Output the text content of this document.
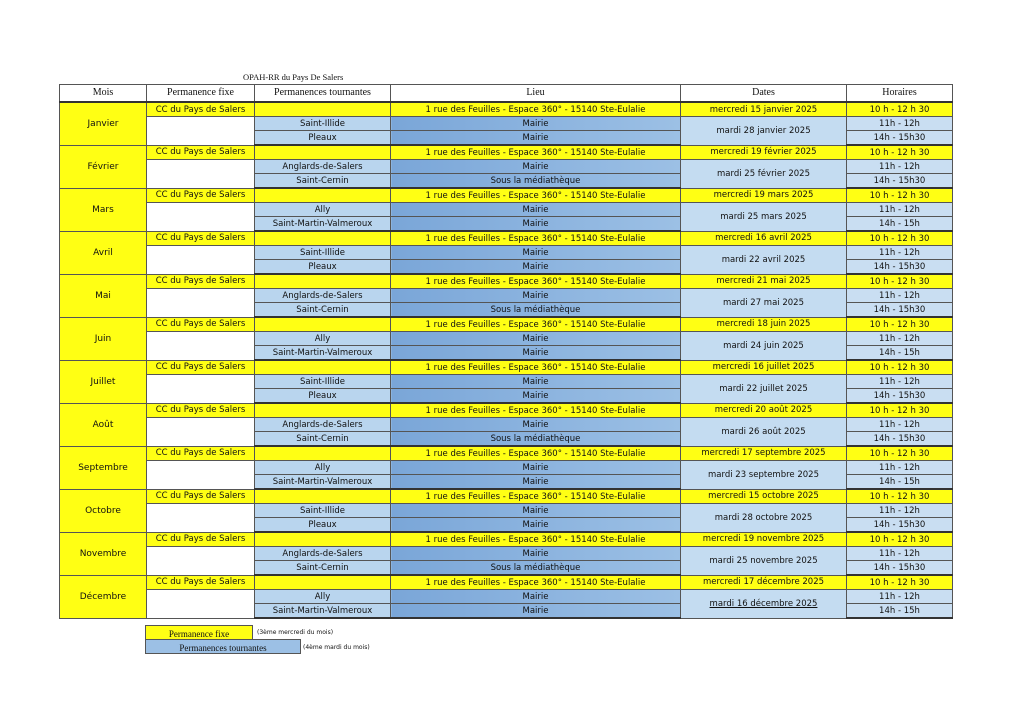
OPAH-RR du Pays De Salers
Mois	Permanence fixe	Permanences tournantes	Lieu	Dates	Horaires
Janvier	CC du Pays de Salers		1 rue des Feuilles - Espace 360° - 15140 Ste-Eulalie	mercredi 15 janvier 2025	10 h - 12 h 30
		Saint-Illide	Mairie	mardi 28 janvier 2025	11h - 12h
		Pleaux	Mairie		14h - 15h30
Février	CC du Pays de Salers		1 rue des Feuilles - Espace 360° - 15140 Ste-Eulalie	mercredi 19 février 2025	10 h - 12 h 30
		Anglards-de-Salers	Mairie	mardi 25 février 2025	11h - 12h
		Saint-Cernin	Sous la médiathèque		14h - 15h30
Mars	CC du Pays de Salers		1 rue des Feuilles - Espace 360° - 15140 Ste-Eulalie	mercredi 19 mars 2025	10 h - 12 h 30
		Ally	Mairie	mardi 25 mars 2025	11h - 12h
		Saint-Martin-Valmeroux	Mairie		14h - 15h
Avril	CC du Pays de Salers		1 rue des Feuilles - Espace 360° - 15140 Ste-Eulalie	mercredi 16 avril 2025	10 h - 12 h 30
		Saint-Illide	Mairie	mardi 22 avril 2025	11h - 12h
		Pleaux	Mairie		14h - 15h30
Mai	CC du Pays de Salers		1 rue des Feuilles - Espace 360° - 15140 Ste-Eulalie	mercredi 21 mai 2025	10 h - 12 h 30
		Anglards-de-Salers	Mairie	mardi 27 mai 2025	11h - 12h
		Saint-Cernin	Sous la médiathèque		14h - 15h30
Juin	CC du Pays de Salers		1 rue des Feuilles - Espace 360° - 15140 Ste-Eulalie	mercredi 18 juin 2025	10 h - 12 h 30
		Ally	Mairie	mardi 24 juin 2025	11h - 12h
		Saint-Martin-Valmeroux	Mairie		14h - 15h
Juillet	CC du Pays de Salers		1 rue des Feuilles - Espace 360° - 15140 Ste-Eulalie	mercredi 16 juillet 2025	10 h - 12 h 30
		Saint-Illide	Mairie	mardi 22 juillet 2025	11h - 12h
		Pleaux	Mairie		14h - 15h30
Août	CC du Pays de Salers		1 rue des Feuilles - Espace 360° - 15140 Ste-Eulalie	mercredi 20 août 2025	10 h - 12 h 30
		Anglards-de-Salers	Mairie	mardi 26 août 2025	11h - 12h
		Saint-Cernin	Sous la médiathèque		14h - 15h30
Septembre	CC du Pays de Salers		1 rue des Feuilles - Espace 360° - 15140 Ste-Eulalie	mercredi 17 septembre 2025	10 h - 12 h 30
		Ally	Mairie	mardi 23 septembre 2025	11h - 12h
		Saint-Martin-Valmeroux	Mairie		14h - 15h
Octobre	CC du Pays de Salers		1 rue des Feuilles - Espace 360° - 15140 Ste-Eulalie	mercredi 15 octobre 2025	10 h - 12 h 30
		Saint-Illide	Mairie	mardi 28 octobre 2025	11h - 12h
		Pleaux	Mairie		14h - 15h30
Novembre	CC du Pays de Salers		1 rue des Feuilles - Espace 360° - 15140 Ste-Eulalie	mercredi 19 novembre 2025	10 h - 12 h 30
		Anglards-de-Salers	Mairie	mardi 25 novembre 2025	11h - 12h
		Saint-Cernin	Sous la médiathèque		14h - 15h30
Décembre	CC du Pays de Salers		1 rue des Feuilles - Espace 360° - 15140 Ste-Eulalie	mercredi 17 décembre 2025	10 h - 12 h 30
		Ally	Mairie	mardi 16 décembre 2025	11h - 12h
		Saint-Martin-Valmeroux	Mairie		14h - 15h
Permanence fixe	(3ème mercredi du mois)
Permanences tournantes	(4ème mardi du mois)
